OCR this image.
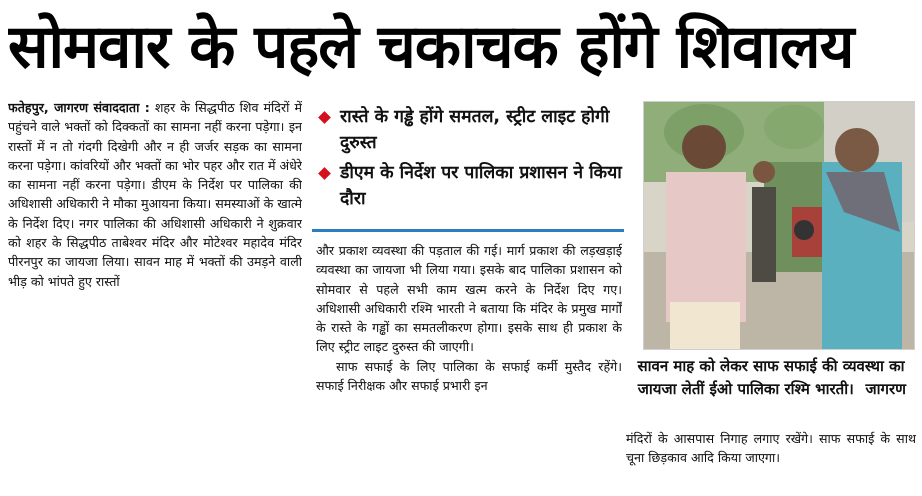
सोमवार के पहले चकाचक होंगे शिवालय
फतेहपुर, जागरण संवाददाता : शहर के सिद्धपीठ शिव मंदिरों में पहुंचने वाले भक्तों को दिक्कतों का सामना नहीं करना पड़ेगा। इन रास्तों में न तो गंदगी दिखेगी और न ही जर्जर सड़क का सामना करना पड़ेगा। कांवरियों और भक्तों का भोर पहर और रात में अंधेरे का सामना नहीं करना पड़ेगा। डीएम के निर्देश पर पालिका की अधिशासी अधिकारी ने मौका मुआयना किया। समस्याओं के खात्मे के निर्देश दिए। नगर पालिका की अधिशासी अधिकारी ने शुक्रवार को शहर के सिद्धपीठ ताबेश्वर मंदिर और मोटेश्वर महादेव मंदिर पीरनपुर का जायजा लिया। सावन माह में भक्तों की उमड़ने वाली भीड़ को भांपते हुए रास्तों
रास्ते के गड्ढे होंगे समतल, स्ट्रीट लाइट होगी दुरुस्त
डीएम के निर्देश पर पालिका प्रशासन ने किया दौरा

और प्रकाश व्यवस्था की पड़ताल की गई। मार्ग प्रकाश की लड़खड़ाई व्यवस्था का जायजा भी लिया गया। इसके बाद पालिका प्रशासन को सोमवार से पहले सभी काम खत्म करने के निर्देश दिए गए। अधिशासी अधिकारी रश्मि भारती ने बताया कि मंदिर के प्रमुख मार्गों के रास्ते के गड्ढों का समतलीकरण होगा। इसके साथ ही प्रकाश के लिए स्ट्रीट लाइट दुरुस्त की जाएगी।

साफ सफाई के लिए पालिका के सफाई कर्मी मुस्तैद रहेंगे। सफाई निरीक्षक और सफाई प्रभारी इन

सावन माह को लेकर साफ सफाई की व्यवस्था का जायजा लेतीं ईओ पालिका रश्मि भारती। जागरण
मंदिरों के आसपास निगाह लगाए रखेंगे। साफ सफाई के साथ चूना छिड़काव आदि किया जाएगा।
